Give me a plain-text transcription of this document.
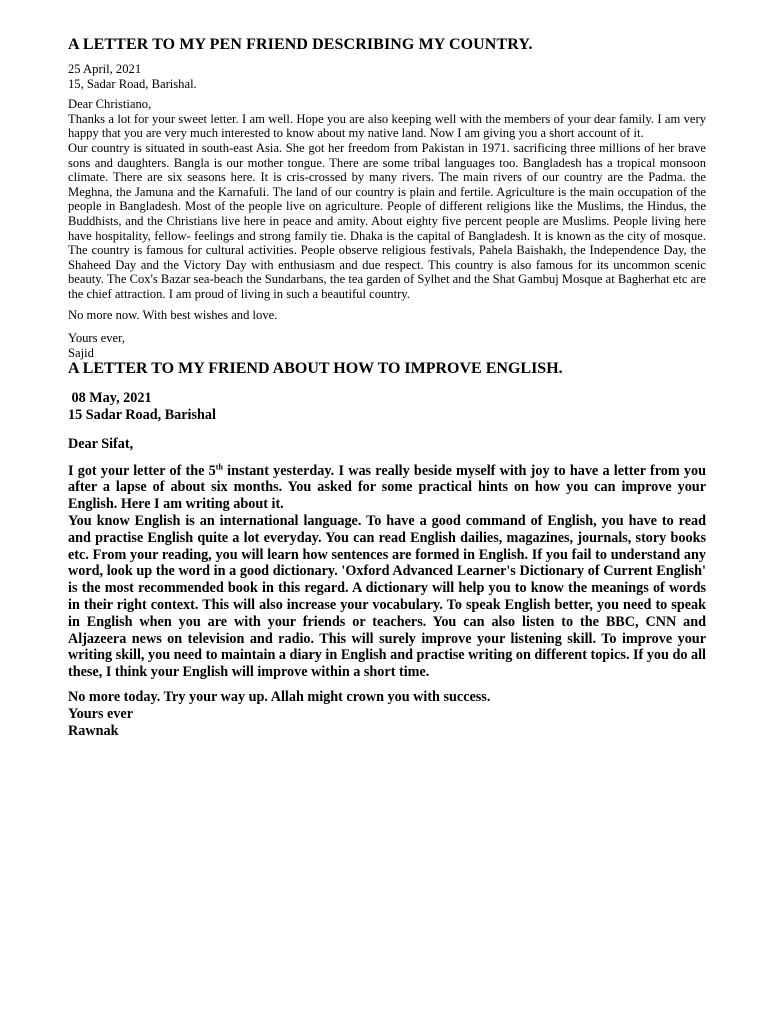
A LETTER TO MY PEN FRIEND DESCRIBING MY COUNTRY.
25 April, 2021
15, Sadar Road, Barishal.
Dear Christiano,

Thanks a lot for your sweet letter. I am well. Hope you are also keeping well with the members of your dear family. I am very happy that you are very much interested to know about my native land. Now I am giving you a short account of it.

Our country is situated in south-east Asia. She got her freedom from Pakistan in 1971. sacrificing three millions of her brave sons and daughters. Bangla is our mother tongue. There are some tribal languages too. Bangladesh has a tropical monsoon climate. There are six seasons here. It is cris-crossed by many rivers. The main rivers of our country are the Padma. the Meghna, the Jamuna and the Karnafuli. The land of our country is plain and fertile. Agriculture is the main occupation of the people in Bangladesh. Most of the people live on agriculture. People of different religions like the Muslims, the Hindus, the Buddhists, and the Christians live here in peace and amity. About eighty five percent people are Muslims. People living here have hospitality, fellow- feelings and strong family tie. Dhaka is the capital of Bangladesh. It is known as the city of mosque. The country is famous for cultural activities. People observe religious festivals, Pahela Baishakh, the Independence Day, the Shaheed Day and the Victory Day with enthusiasm and due respect. This country is also famous for its uncommon scenic beauty. The Cox's Bazar sea-beach the Sundarbans, the tea garden of Sylhet and the Shat Gambuj Mosque at Bagherhat etc are the chief attraction. I am proud of living in such a beautiful country.

No more now. With best wishes and love.
Yours ever,
Sajid
A LETTER TO MY FRIEND ABOUT HOW TO IMPROVE ENGLISH.
08 May, 2021
15 Sadar Road, Barishal
Dear Sifat,

I got your letter of the 5th instant yesterday. I was really beside myself with joy to have a letter from you after a lapse of about six months. You asked for some practical hints on how you can improve your English. Here I am writing about it.

You know English is an international language. To have a good command of English, you have to read and practise English quite a lot everyday. You can read English dailies, magazines, journals, story books etc. From your reading, you will learn how sentences are formed in English. If you fail to understand any word, look up the word in a good dictionary. 'Oxford Advanced Learner's Dictionary of Current English' is the most recommended book in this regard. A dictionary will help you to know the meanings of words in their right context. This will also increase your vocabulary. To speak English better, you need to speak in English when you are with your friends or teachers. You can also listen to the BBC, CNN and Aljazeera news on television and radio. This will surely improve your listening skill. To improve your writing skill, you need to maintain a diary in English and practise writing on different topics. If you do all these, I think your English will improve within a short time.

No more today. Try your way up. Allah might crown you with success.
Yours ever
Rawnak
